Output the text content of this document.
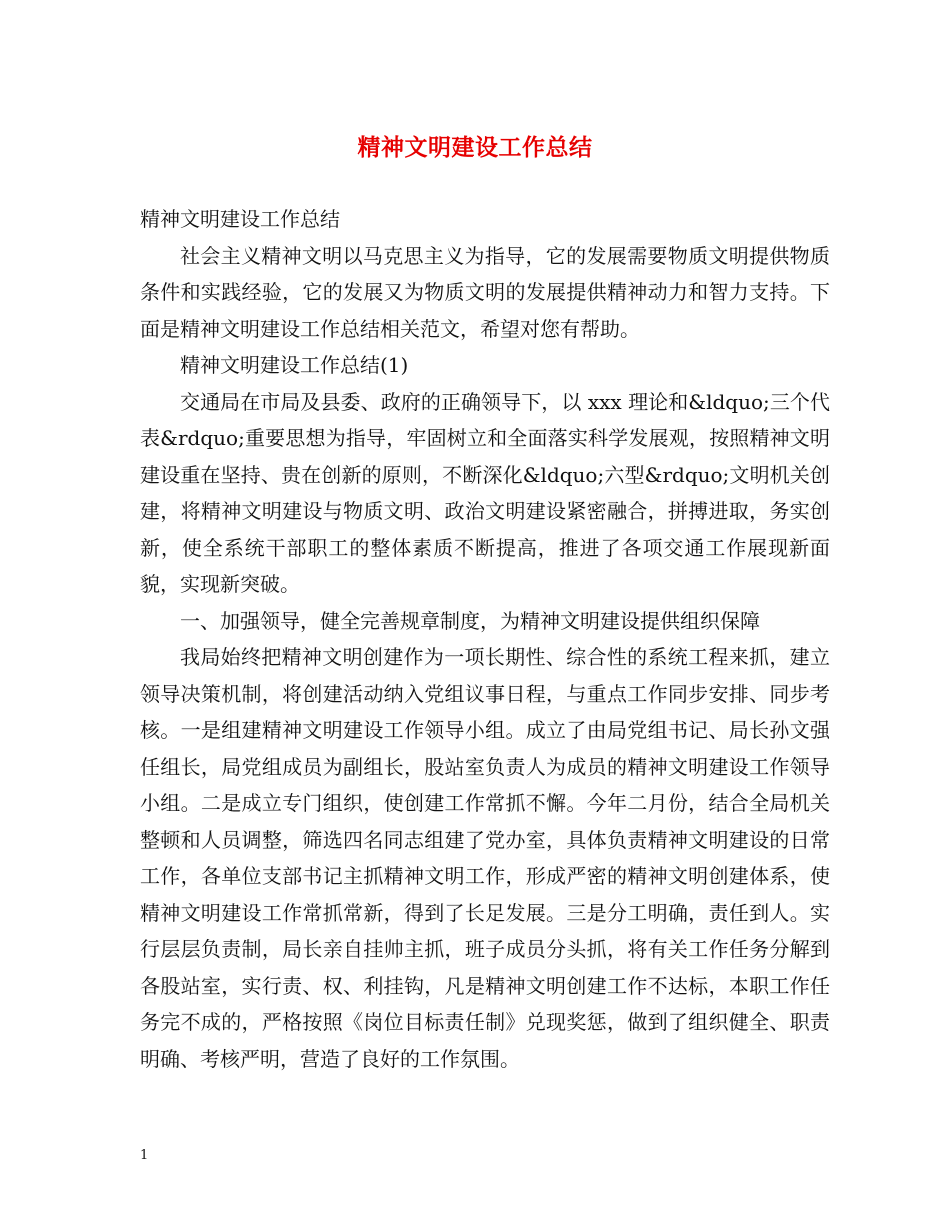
精神文明建设工作总结

精神文明建设工作总结

社会主义精神文明以马克思主义为指导，它的发展需要物质文明提供物质条件和实践经验，它的发展又为物质文明的发展提供精神动力和智力支持。下面是精神文明建设工作总结相关范文，希望对您有帮助。

精神文明建设工作总结(1)

交通局在市局及县委、政府的正确领导下，以 xxx 理论和&ldquo;三个代表&rdquo;重要思想为指导，牢固树立和全面落实科学发展观，按照精神文明建设重在坚持、贵在创新的原则，不断深化&ldquo;六型&rdquo;文明机关创建，将精神文明建设与物质文明、政治文明建设紧密融合，拼搏进取，务实创新，使全系统干部职工的整体素质不断提高，推进了各项交通工作展现新面貌，实现新突破。

一、加强领导，健全完善规章制度，为精神文明建设提供组织保障

我局始终把精神文明创建作为一项长期性、综合性的系统工程来抓，建立领导决策机制，将创建活动纳入党组议事日程，与重点工作同步安排、同步考核。一是组建精神文明建设工作领导小组。成立了由局党组书记、局长孙文强任组长，局党组成员为副组长，股站室负责人为成员的精神文明建设工作领导小组。二是成立专门组织，使创建工作常抓不懈。今年二月份，结合全局机关整顿和人员调整，筛选四名同志组建了党办室，具体负责精神文明建设的日常工作，各单位支部书记主抓精神文明工作，形成严密的精神文明创建体系，使精神文明建设工作常抓常新，得到了长足发展。三是分工明确，责任到人。实行层层负责制，局长亲自挂帅主抓，班子成员分头抓，将有关工作任务分解到各股站室，实行责、权、利挂钩，凡是精神文明创建工作不达标，本职工作任务完不成的，严格按照《岗位目标责任制》兑现奖惩，做到了组织健全、职责明确、考核严明，营造了良好的工作氛围。

1
